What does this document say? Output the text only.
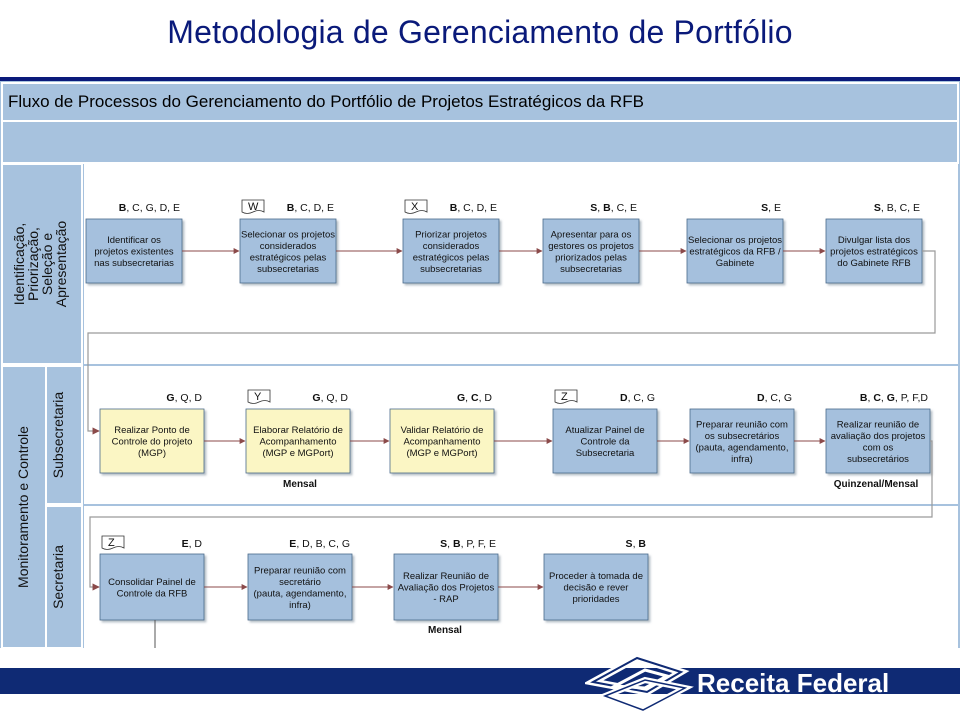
Metodologia de Gerenciamento de Portfólio
Fluxo de Processos do Gerenciamento do Portfólio de Projetos Estratégicos da RFB
Identificação,
Priorização,
Seleção e
Apresentação
Monitoramento e Controle Subsecretaria
Secretaria
Identificar os
projetos existentes
nas subsecretarias
B, C, G, D, E
Selecionar os projetos
considerados
estratégicos pelas
subsecretarias
B, C, D, E
W
Priorizar projetos
considerados
estratégicos pelas
subsecretarias
B, C, D, E
X
Apresentar para os
gestores os projetos
priorizados pelas
subsecretarias
S, B, C, E
Selecionar os projetos
estratégicos da RFB /
Gabinete
S, E
Divulgar lista dos
projetos estratégicos
do Gabinete RFB
S, B, C, E
Realizar Ponto de
Controle do projeto
(MGP)
G, Q, D
Elaborar Relatório de
Acompanhamento
(MGP e MGPort)
G, Q, D
Y
Validar Relatório de
Acompanhamento
(MGP e MGPort)
G, C, D
Atualizar Painel de
Controle da
Subsecretaria
D, C, G
Z
Preparar reunião com
os subsecretários
(pauta, agendamento,
infra)
D, C, G
Realizar reunião de
avaliação dos projetos
com os
subsecretários
B, C, G, P, F,D
Mensal	Quinzenal/Mensal
Consolidar Painel de
Controle da RFB
E, D
Z
Preparar reunião com
secretário
(pauta, agendamento,
infra)
E, D, B, C, G
Realizar Reunião de
Avaliação dos Projetos
- RAP
S, B, P, F, E
Proceder à tomada de
decisão e rever
prioridades
S, B
Mensal
Receita Federal
